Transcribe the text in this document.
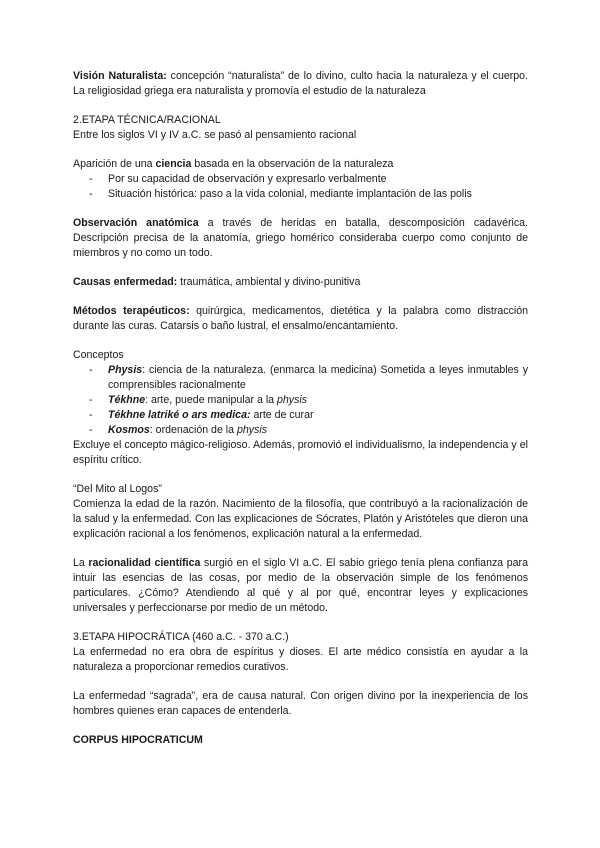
Visión Naturalista: concepción “naturalista” de lo divino, culto hacia la naturaleza y el cuerpo. La religiosidad griega era naturalista y promovía el estudio de la naturaleza

2.ETAPA TÉCNICA/RACIONAL

Entre los siglos VI y IV a.C. se pasó al pensamiento racional

Aparición de una ciencia basada en la observación de la naturaleza

- Por su capacidad de observación y expresarlo verbalmente
- Situación histórica: paso a la vida colonial, mediante implantación de las polis

Observación anatómica a través de heridas en batalla, descomposición cadavérica. Descripción precisa de la anatomía, griego homérico consideraba cuerpo como conjunto de miembros y no como un todo.

Causas enfermedad: traumática, ambiental y divino-punitiva

Métodos terapéuticos: quirúrgica, medicamentos, dietética y la palabra como distracción durante las curas. Catarsis o baño lustral, el ensalmo/encantamiento.

Conceptos

- Physis: ciencia de la naturaleza. (enmarca la medicina) Sometida a leyes inmutables y comprensibles racionalmente
- Tékhne: arte, puede manipular a la physis
- Tékhne latriké o ars medica: arte de curar
- Kosmos: ordenación de la physis

Excluye el concepto mágico-religioso. Además, promovió el individualismo, la independencia y el espíritu crítico.

“Del Mito al Logos”

Comienza la edad de la razón. Nacimiento de la filosofía, que contribuyó a la racionalización de la salud y la enfermedad. Con las explicaciones de Sócrates, Platón y Aristóteles que dieron una explicación racional a los fenómenos, explicación natural a la enfermedad.

La racionalidad científica surgió en el siglo VI a.C. El sabio griego tenía plena confianza para intuir las esencias de las cosas, por medio de la observación simple de los fenómenos particulares. ¿Cómo? Atendiendo al qué y al por qué, encontrar leyes y explicaciones universales y perfeccionarse por medio de un método.

3.ETAPA HIPOCRÁTICA (460 a.C. - 370 a.C.)

La enfermedad no era obra de espíritus y dioses. El arte médico consistía en ayudar a la naturaleza a proporcionar remedios curativos.

La enfermedad “sagrada”, era de causa natural. Con origen divino por la inexperiencia de los hombres quienes eran capaces de entenderla.

CORPUS HIPOCRATICUM
